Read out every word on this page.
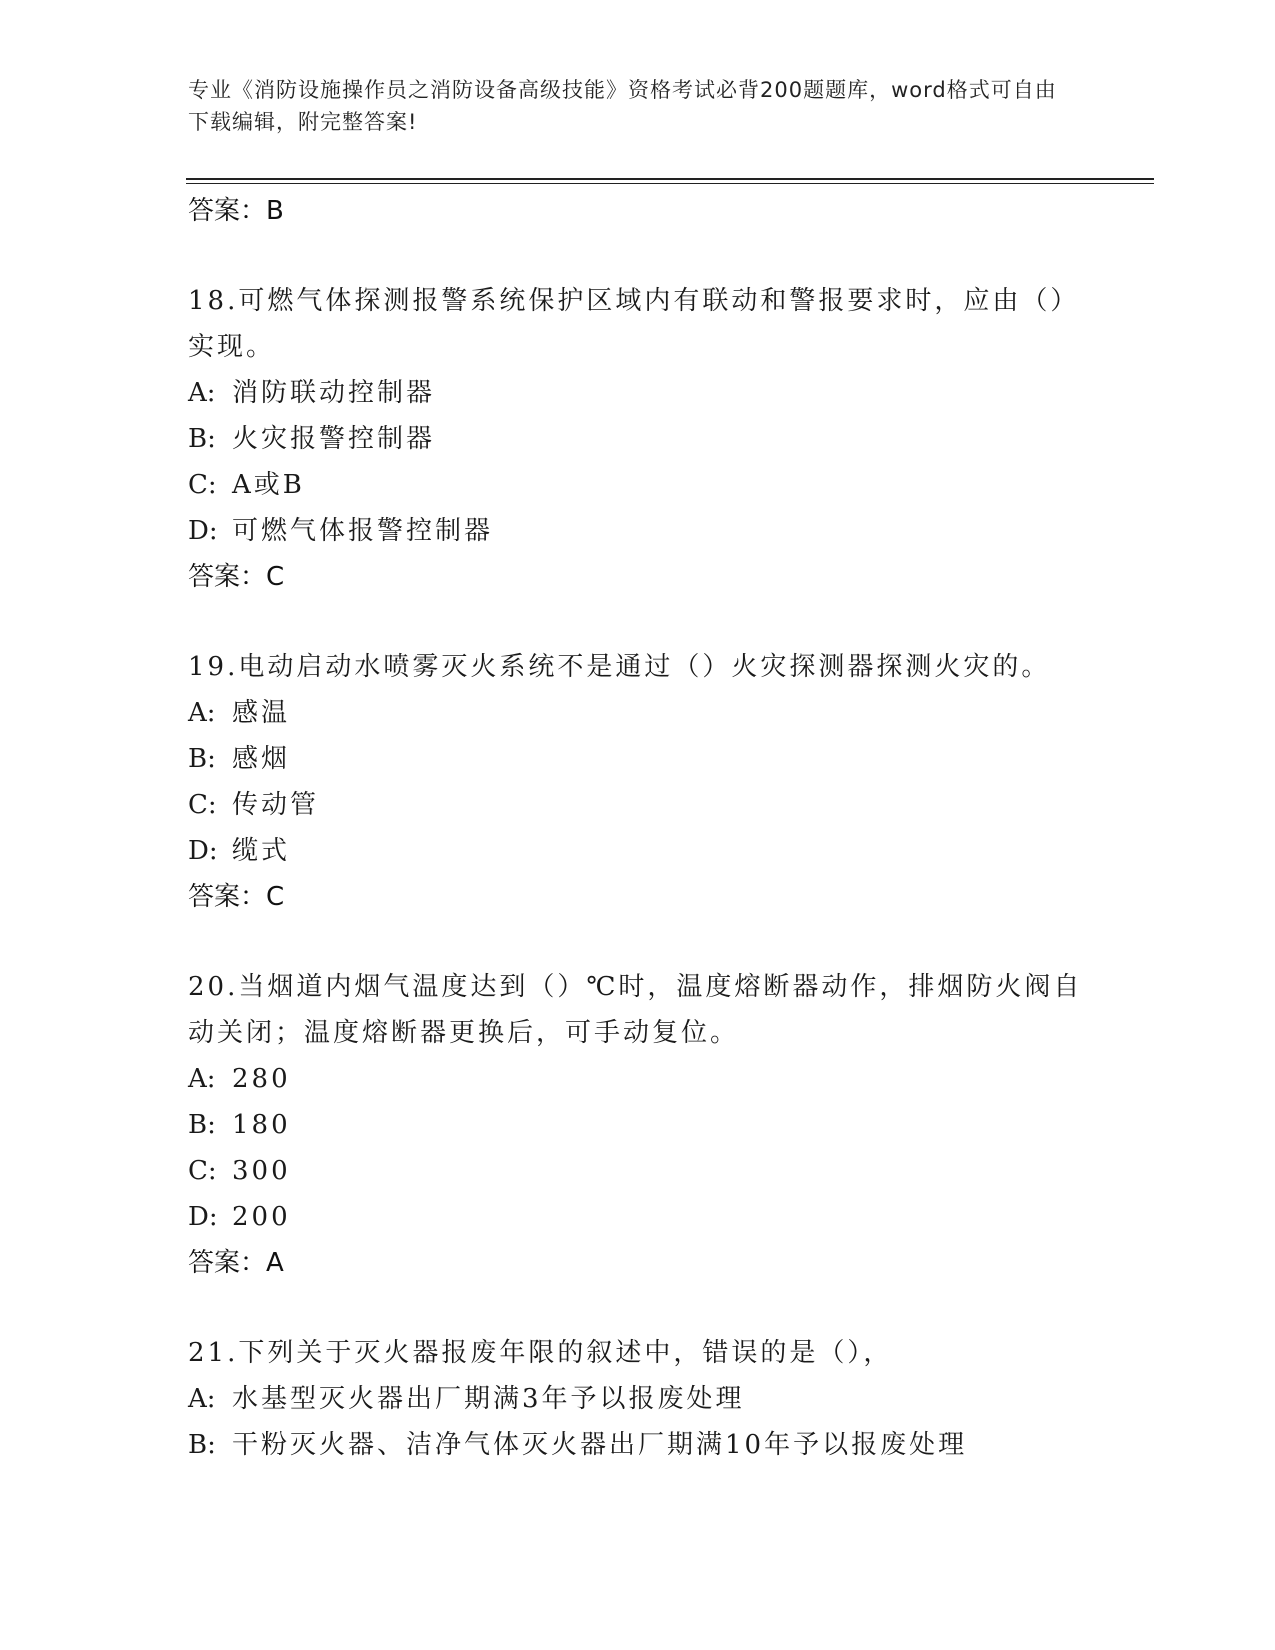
专业《消防设施操作员之消防设备高级技能》资格考试必背200题题库，word格式可自由下载编辑，附完整答案!
答案：B
18.可燃气体探测报警系统保护区域内有联动和警报要求时，应由（）实现。
A: 消防联动控制器
B: 火灾报警控制器
C: A或B
D: 可燃气体报警控制器
答案：C
19.电动启动水喷雾灭火系统不是通过（）火灾探测器探测火灾的。
A: 感温
B: 感烟
C: 传动管
D: 缆式
答案：C
20.当烟道内烟气温度达到（）℃时，温度熔断器动作，排烟防火阀自动关闭；温度熔断器更换后，可手动复位。
A: 280
B: 180
C: 300
D: 200
答案：A
21.下列关于灭火器报废年限的叙述中，错误的是（），
A: 水基型灭火器出厂期满3年予以报废处理
B: 干粉灭火器、洁净气体灭火器出厂期满10年予以报废处理
